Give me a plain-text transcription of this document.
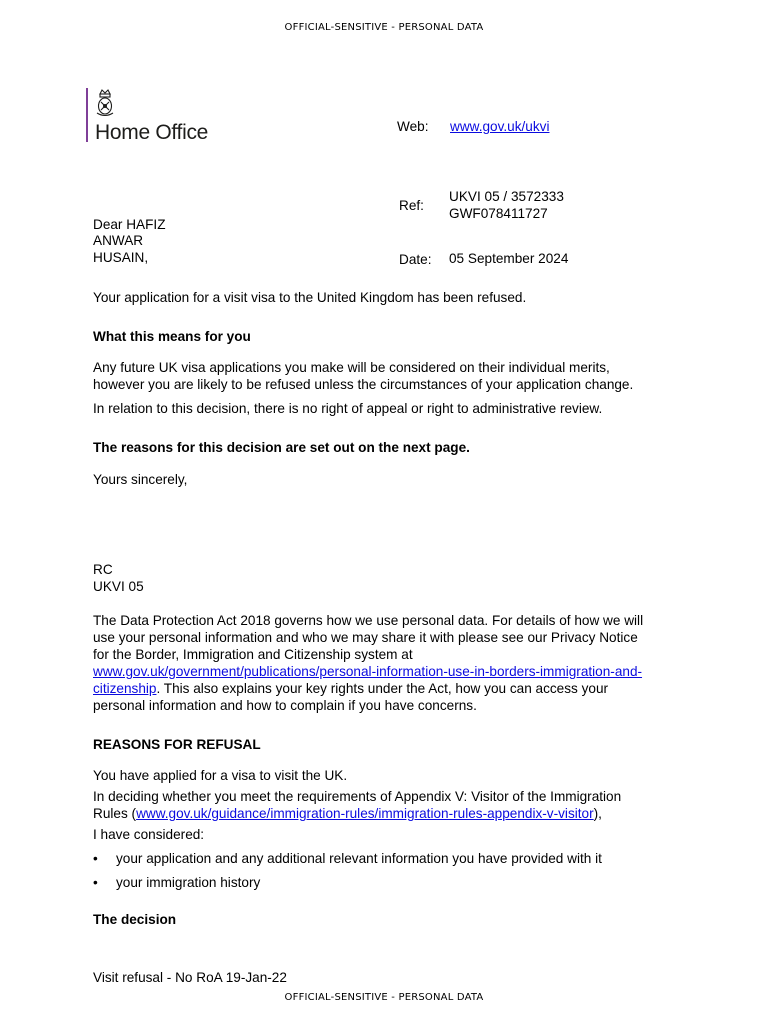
OFFICIAL-SENSITIVE - PERSONAL DATA
Home Office	Web: www.gov.uk/ukvi
Ref:
UKVI 05 / 3572333
GWF078411727
Date: 05 September 2024
Dear HAFIZ
ANWAR
HUSAIN,
Your application for a visit visa to the United Kingdom has been refused.
What this means for you
Any future UK visa applications you make will be considered on their individual merits,
however you are likely to be refused unless the circumstances of your application change.
In relation to this decision, there is no right of appeal or right to administrative review.
The reasons for this decision are set out on the next page.
Yours sincerely,
RC
UKVI 05
The Data Protection Act 2018 governs how we use personal data. For details of how we will
use your personal information and who we may share it with please see our Privacy Notice
for the Border, Immigration and Citizenship system at
www.gov.uk/government/publications/personal-information-use-in-borders-immigration-and-
citizenship. This also explains your key rights under the Act, how you can access your
personal information and how to complain if you have concerns.
REASONS FOR REFUSAL
You have applied for a visa to visit the UK.
In deciding whether you meet the requirements of Appendix V: Visitor of the Immigration
Rules (www.gov.uk/guidance/immigration-rules/immigration-rules-appendix-v-visitor),
I have considered:
• your application and any additional relevant information you have provided with it
• your immigration history
The decision
Visit refusal - No RoA 19-Jan-22
OFFICIAL-SENSITIVE - PERSONAL DATA
